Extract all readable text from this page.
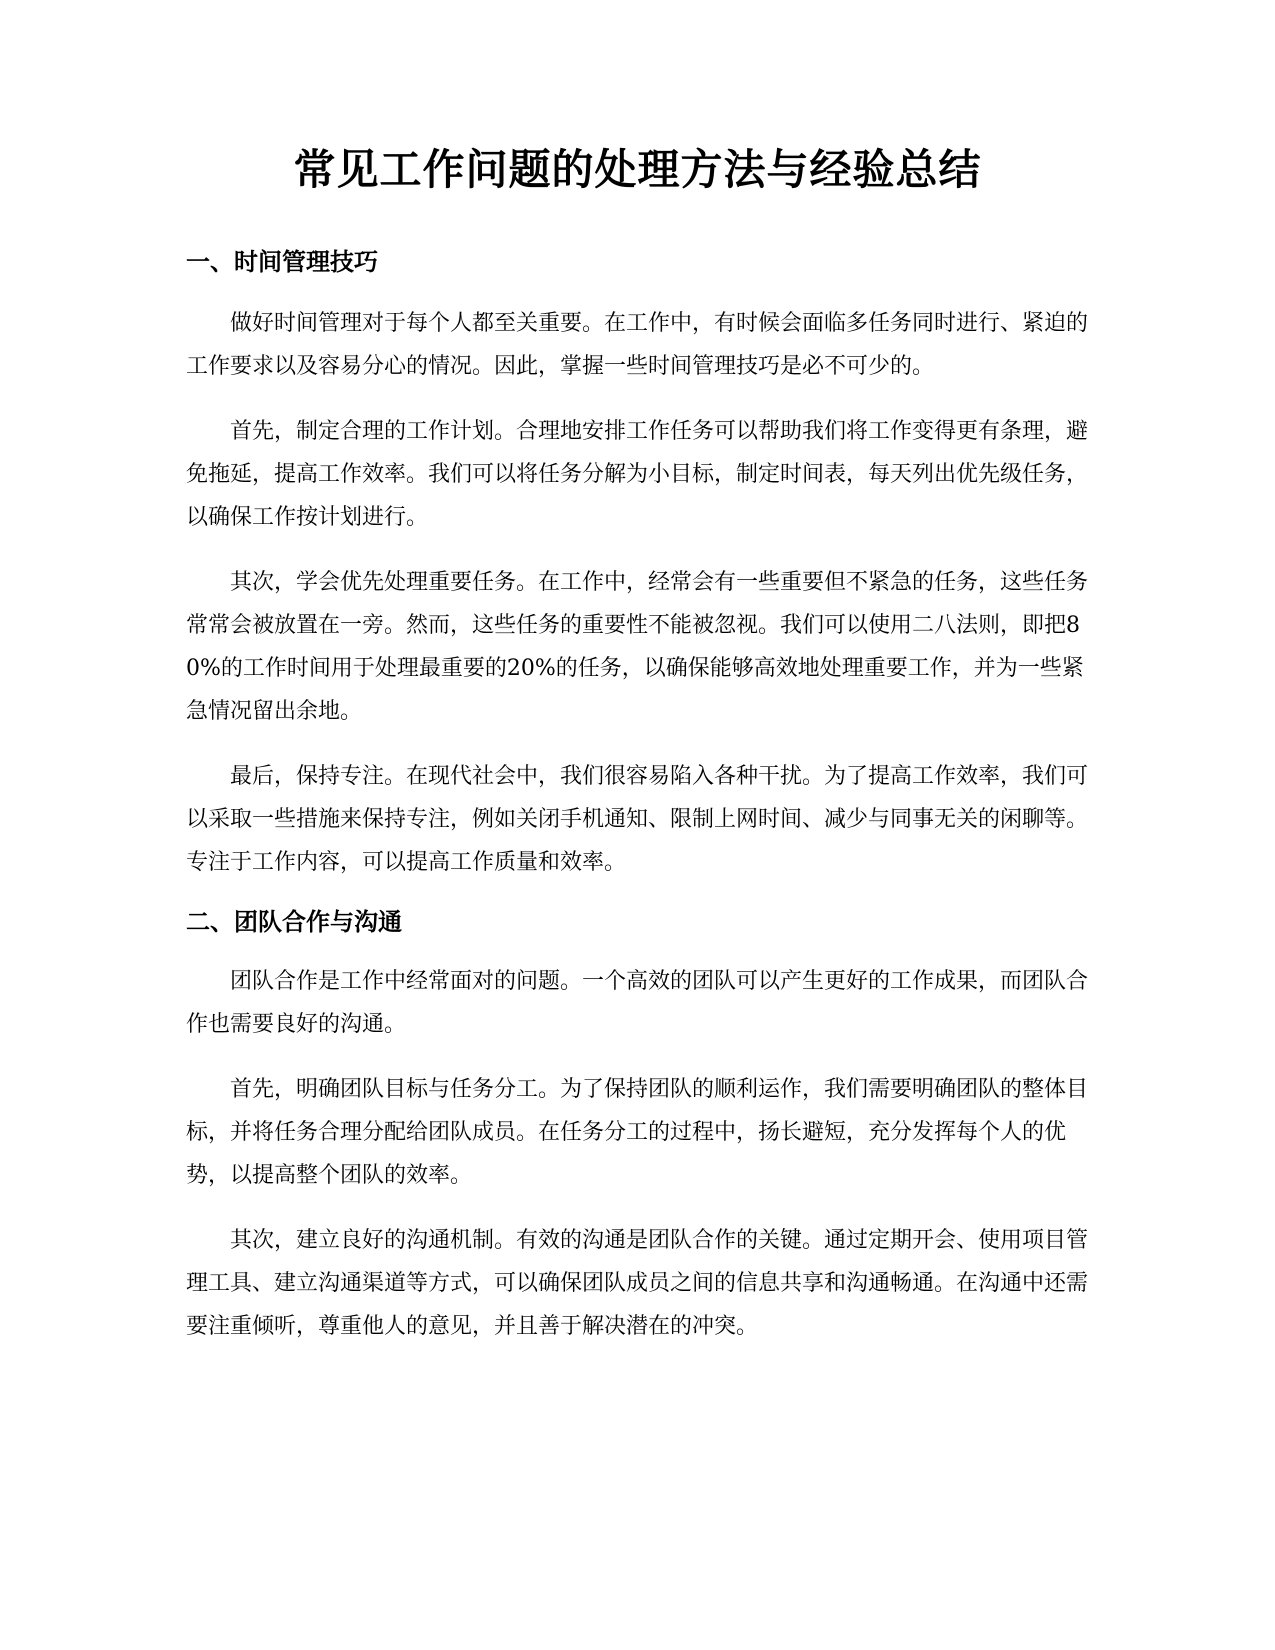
常见工作问题的处理方法与经验总结
一、时间管理技巧

做好时间管理对于每个人都至关重要。在工作中，有时候会面临多任务同时进行、紧迫的工作要求以及容易分心的情况。因此，掌握一些时间管理技巧是必不可少的。

首先，制定合理的工作计划。合理地安排工作任务可以帮助我们将工作变得更有条理，避免拖延，提高工作效率。我们可以将任务分解为小目标，制定时间表，每天列出优先级任务，以确保工作按计划进行。

其次，学会优先处理重要任务。在工作中，经常会有一些重要但不紧急的任务，这些任务常常会被放置在一旁。然而，这些任务的重要性不能被忽视。我们可以使用二八法则，即把80%的工作时间用于处理最重要的20%的任务，以确保能够高效地处理重要工作，并为一些紧急情况留出余地。

最后，保持专注。在现代社会中，我们很容易陷入各种干扰。为了提高工作效率，我们可以采取一些措施来保持专注，例如关闭手机通知、限制上网时间、减少与同事无关的闲聊等。专注于工作内容，可以提高工作质量和效率。

二、团队合作与沟通

团队合作是工作中经常面对的问题。一个高效的团队可以产生更好的工作成果，而团队合作也需要良好的沟通。

首先，明确团队目标与任务分工。为了保持团队的顺利运作，我们需要明确团队的整体目标，并将任务合理分配给团队成员。在任务分工的过程中，扬长避短，充分发挥每个人的优势，以提高整个团队的效率。

其次，建立良好的沟通机制。有效的沟通是团队合作的关键。通过定期开会、使用项目管理工具、建立沟通渠道等方式，可以确保团队成员之间的信息共享和沟通畅通。在沟通中还需要注重倾听，尊重他人的意见，并且善于解决潜在的冲突。
